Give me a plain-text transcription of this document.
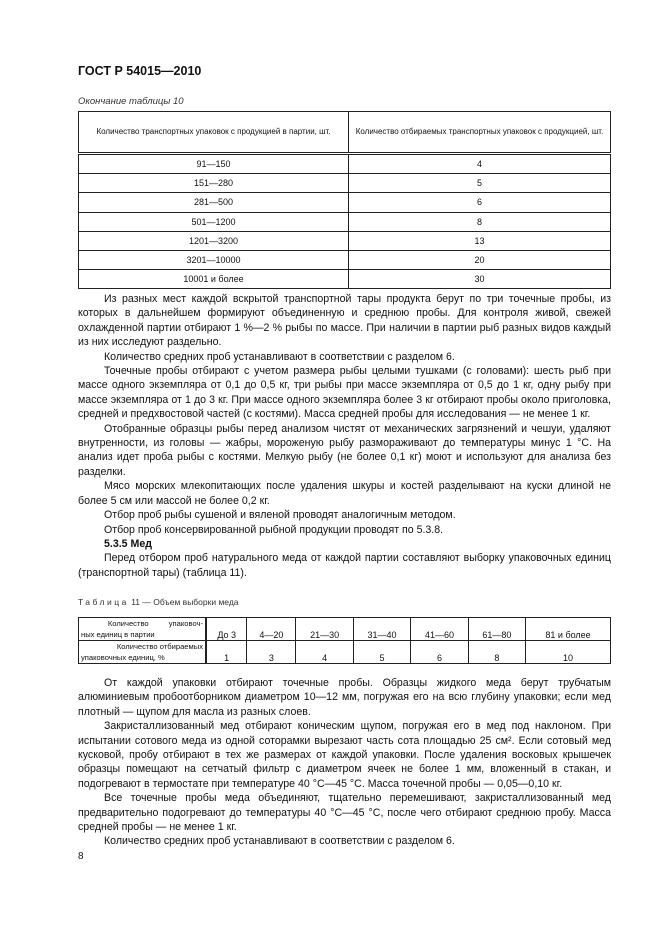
ГОСТ Р 54015—2010
Окончание таблицы 10
Количество транспортных упаковок с продукцией в партии, шт.	Количество отбираемых транспортных упаковок с продукцией, шт.
91—150	4
151—280	5
281—500	6
501—1200	8
1201—3200	13
3201—10000	20
10001 и более	30

Из разных мест каждой вскрытой транспортной тары продукта берут по три точечные пробы, из которых в дальнейшем формируют объединенную и среднюю пробы. Для контроля живой, свежей охлажденной партии отбирают 1 %—2 % рыбы по массе. При наличии в партии рыб разных видов каждый из них исследуют раздельно.

Количество средних проб устанавливают в соответствии с разделом 6.

Точечные пробы отбирают с учетом размера рыбы целыми тушками (с головами): шесть рыб при массе одного экземпляра от 0,1 до 0,5 кг, три рыбы при массе экземпляра от 0,5 до 1 кг, одну рыбу при массе экземпляра от 1 до 3 кг. При массе одного экземпляра более 3 кг отбирают пробы около приголовка, средней и предхвостовой частей (с костями). Масса средней пробы для исследования — не менее 1 кг.

Отобранные образцы рыбы перед анализом чистят от механических загрязнений и чешуи, удаляют внутренности, из головы — жабры, мороженую рыбу размораживают до температуры минус 1 °С. На анализ идет проба рыбы с костями. Мелкую рыбу (не более 0,1 кг) моют и используют для анализа без разделки.

Мясо морских млекопитающих после удаления шкуры и костей разделывают на куски длиной не более 5 см или массой не более 0,2 кг.

Отбор проб рыбы сушеной и вяленой проводят аналогичным методом.

Отбор проб консервированной рыбной продукции проводят по 5.3.8.

5.3.5 Мед

Перед отбором проб натурального меда от каждой партии составляют выборку упаковочных единиц (транспортной тары) (таблица 11).

Таблица 11 — Объем выборки меда
Количество упаковоч-
ных единиц в партии	До 3	4—20	21—30	31—40	41—60	61—80	81 и более

Количество отбираемых
упаковочных единиц, %	1	3	4	5	6	8	10

От каждой упаковки отбирают точечные пробы. Образцы жидкого меда берут трубчатым алюминиевым пробоотборником диаметром 10—12 мм, погружая его на всю глубину упаковки; если мед плотный — щупом для масла из разных слоев.

Закристаллизованный мед отбирают коническим щупом, погружая его в мед под наклоном. При испытании сотового меда из одной соторамки вырезают часть сота площадью 25 см². Если сотовый мед кусковой, пробу отбирают в тех же размерах от каждой упаковки. После удаления восковых крышечек образцы помещают на сетчатый фильтр с диаметром ячеек не более 1 мм, вложенный в стакан, и подогревают в термостате при температуре 40 °С—45 °С. Масса точечной пробы — 0,05—0,10 кг.

Все точечные пробы меда объединяют, тщательно перемешивают, закристаллизованный мед предварительно подогревают до температуры 40 °С—45 °С, после чего отбирают среднюю пробу. Масса средней пробы — не менее 1 кг.

Количество средних проб устанавливают в соответствии с разделом 6.

8
